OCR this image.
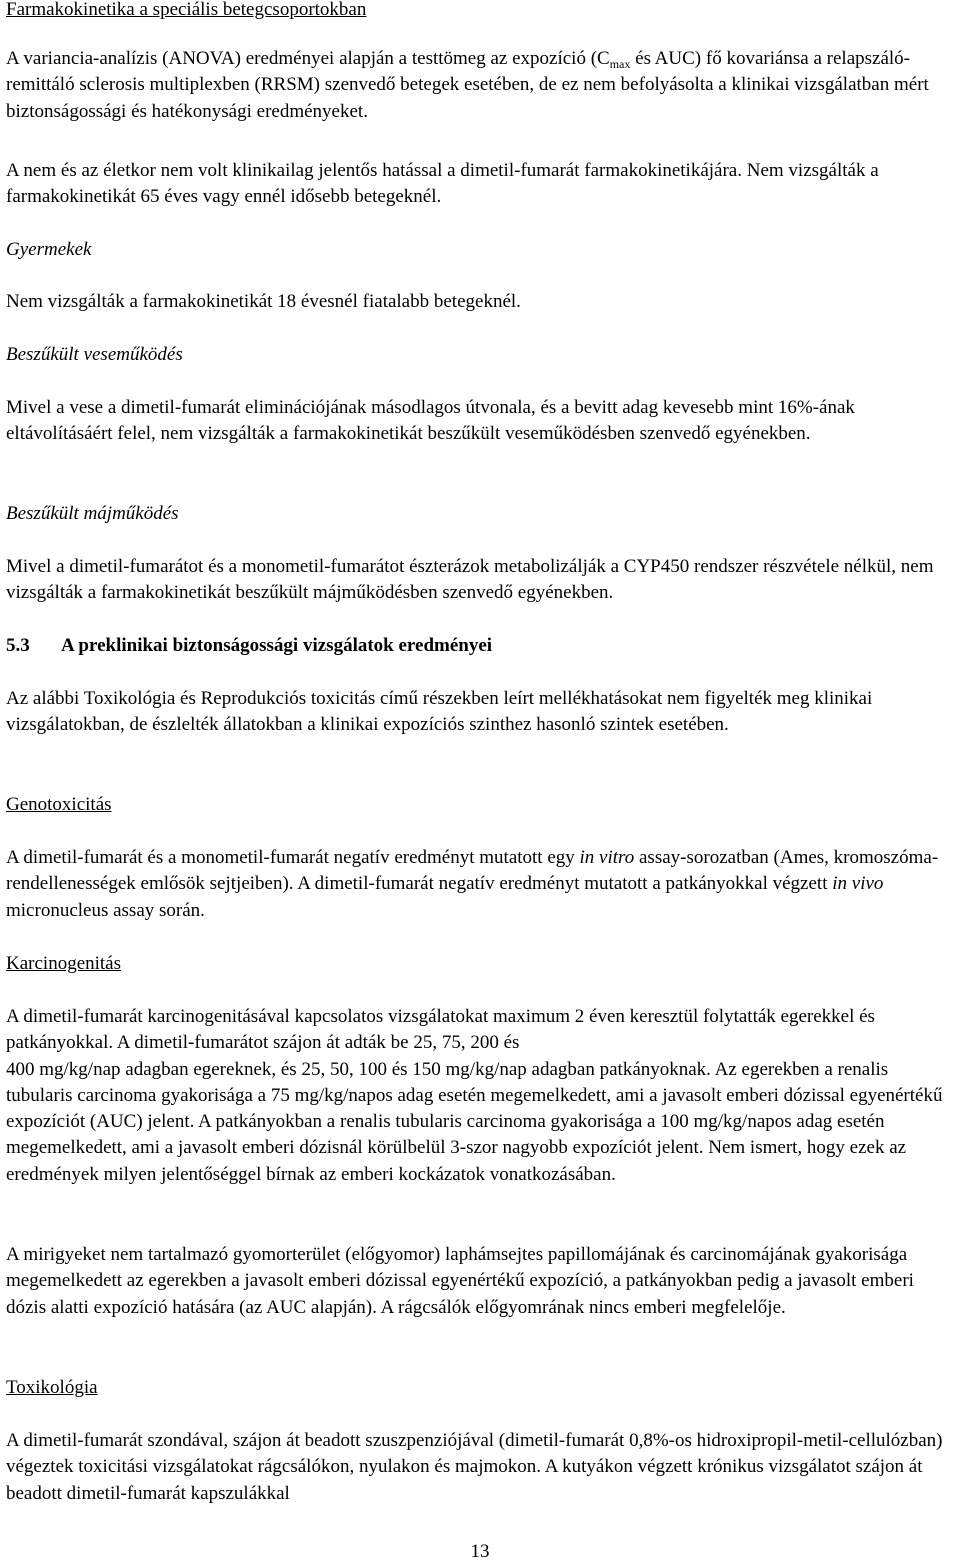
Farmakokinetika a speciális betegcsoportokban

A variancia-analízis (ANOVA) eredményei alapján a testtömeg az expozíció ($C_{max}$ és AUC) fő kovariánsa a relapszáló-remittáló sclerosis multiplexben (RRSM) szenvedő betegek esetében, de ez nem befolyásolta a klinikai vizsgálatban mért biztonságossági és hatékonysági eredményeket.

A nem és az életkor nem volt klinikailag jelentős hatással a dimetil-fumarát farmakokinetikájára. Nem vizsgálták a farmakokinetikát 65 éves vagy ennél idősebb betegeknél.

Gyermekek

Nem vizsgálták a farmakokinetikát 18 évesnél fiatalabb betegeknél.

Beszűkült veseműködés

Mivel a vese a dimetil-fumarát eliminációjának másodlagos útvonala, és a bevitt adag kevesebb mint 16%-ának eltávolításáért felel, nem vizsgálták a farmakokinetikát beszűkült veseműködésben szenvedő egyénekben.

Beszűkült májműködés

Mivel a dimetil-fumarátot és a monometil-fumarátot észterázok metabolizálják a CYP450 rendszer részvétele nélkül, nem vizsgálták a farmakokinetikát beszűkült májműködésben szenvedő egyénekben.

5.3 A preklinikai biztonságossági vizsgálatok eredményei

Az alábbi Toxikológia és Reprodukciós toxicitás című részekben leírt mellékhatásokat nem figyelték meg klinikai vizsgálatokban, de észlelték állatokban a klinikai expozíciós szinthez hasonló szintek esetében.

Genotoxicitás

A dimetil-fumarát és a monometil-fumarát negatív eredményt mutatott egy in vitro assay-sorozatban (Ames, kromoszóma-rendellenességek emlősök sejtjeiben). A dimetil-fumarát negatív eredményt mutatott a patkányokkal végzett in vivo micronucleus assay során.

Karcinogenitás

A dimetil-fumarát karcinogenitásával kapcsolatos vizsgálatokat maximum 2 éven keresztül folytatták egerekkel és patkányokkal. A dimetil-fumarátot szájon át adták be 25, 75, 200 és

400 mg/kg/nap adagban egereknek, és 25, 50, 100 és 150 mg/kg/nap adagban patkányoknak. Az egerekben a renalis tubularis carcinoma gyakorisága a 75 mg/kg/napos adag esetén megemelkedett, ami a javasolt emberi dózissal egyenértékű expozíciót (AUC) jelent. A patkányokban a renalis tubularis carcinoma gyakorisága a 100 mg/kg/napos adag esetén megemelkedett, ami a javasolt emberi dózisnál körülbelül 3-szor nagyobb expozíciót jelent. Nem ismert, hogy ezek az eredmények milyen jelentőséggel bírnak az emberi kockázatok vonatkozásában.

A mirigyeket nem tartalmazó gyomorterület (előgyomor) laphámsejtes papillomájának és carcinomájának gyakorisága megemelkedett az egerekben a javasolt emberi dózissal egyenértékű expozíció, a patkányokban pedig a javasolt emberi dózis alatti expozíció hatására (az AUC alapján). A rágcsálók előgyomrának nincs emberi megfelelője.

Toxikológia

A dimetil-fumarát szondával, szájon át beadott szuszpenziójával (dimetil-fumarát 0,8%-os hidroxipropil-metil-cellulózban) végeztek toxicitási vizsgálatokat rágcsálókon, nyulakon és majmokon. A kutyákon végzett krónikus vizsgálatot szájon át beadott dimetil-fumarát kapszulákkal

13
